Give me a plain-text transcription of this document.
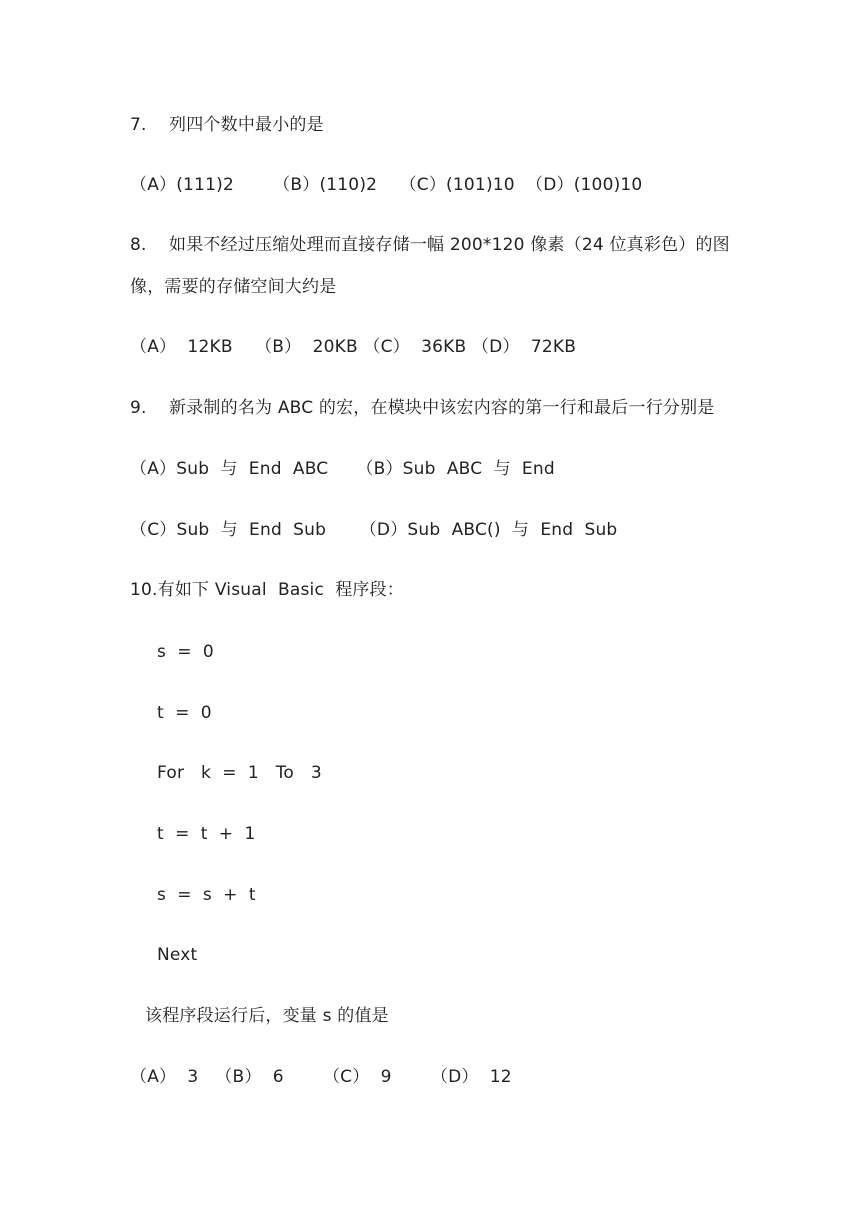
7.    列四个数中最小的是
（A）(111)2       （B）(110)2    （C）(101)10  （D）(100)10
8.    如果不经过压缩处理而直接存储一幅 200*120 像素（24 位真彩色）的图
像，需要的存储空间大约是
（A）  12KB    （B）  20KB （C）  36KB （D）  72KB
9.    新录制的名为 ABC 的宏，在模块中该宏内容的第一行和最后一行分别是
（A）Sub  与  End  ABC     （B）Sub  ABC  与  End
（C）Sub  与  End  Sub      （D）Sub  ABC()  与  End  Sub
10.有如下 Visual  Basic  程序段：
s  =  0
t  =  0
For   k  =  1   To   3
t  =  t  +  1
s  =  s  +  t
Next
该程序段运行后，变量 s 的值是
（A）  3   （B）  6       （C）  9       （D）  12
